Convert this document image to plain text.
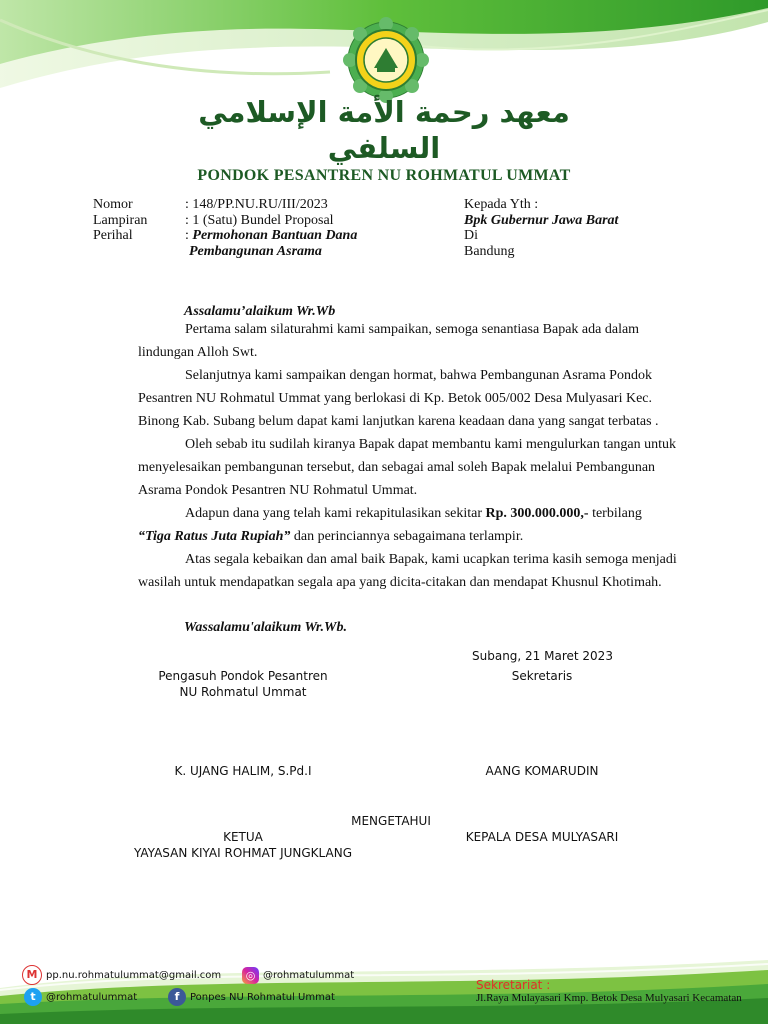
معهد رحمة الأمة الإسلامي السلفي
PONDOK PESANTREN NU ROHMATUL UMMAT
Nomor	: 148/PP.NU.RU/III/2023
Lampiran	: 1 (Satu) Bundel Proposal
Perihal	: Permohonan Bantuan Dana
Pembangunan Asrama
Kepada Yth :
Bpk Gubernur Jawa Barat
Di
Bandung
Assalamu’alaikum Wr.Wb

Pertama salam silaturahmi kami sampaikan, semoga senantiasa Bapak ada dalam lindungan Alloh Swt.

Selanjutnya kami sampaikan dengan hormat, bahwa Pembangunan Asrama Pondok Pesantren NU Rohmatul Ummat yang berlokasi di Kp. Betok 005/002 Desa Mulyasari Kec. Binong Kab. Subang belum dapat kami lanjutkan karena keadaan dana yang sangat terbatas .

Oleh sebab itu sudilah kiranya Bapak dapat membantu kami mengulurkan tangan untuk menyelesaikan pembangunan tersebut, dan sebagai amal soleh Bapak melalui Pembangunan Asrama Pondok Pesantren NU Rohmatul Ummat.

Adapun dana yang telah kami rekapitulasikan sekitar Rp. 300.000.000,- terbilang “Tiga Ratus Juta Rupiah” dan perinciannya sebagaimana terlampir.

Atas segala kebaikan dan amal baik Bapak, kami ucapkan terima kasih semoga menjadi wasilah untuk mendapatkan segala apa yang dicita-citakan dan mendapat Khusnul Khotimah.

Wassalamu'alaikum Wr.Wb.
Subang, 21 Maret 2023
Pengasuh Pondok Pesantren
NU Rohmatul Ummat
Sekretaris
K. UJANG HALIM, S.Pd.I	AANG KOMARUDIN
MENGETAHUI
KETUA
YAYASAN KIYAI ROHMAT JUNGKLANG
KEPALA DESA MULYASARI
M pp.nu.rohmatulummat@gmail.com	◎ @rohmatulummat
t	@rohmatulummat	f	Ponpes NU Rohmatul Ummat
Sekretariat :
Jl.Raya Mulayasari Kmp. Betok Desa Mulyasari Kecamatan
